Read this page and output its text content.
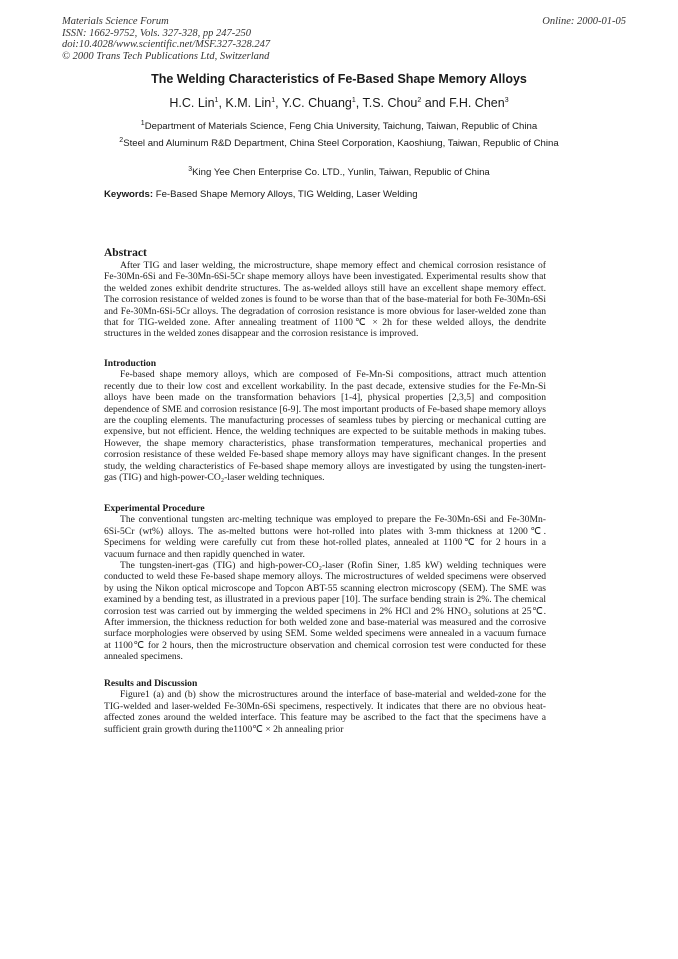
Materials Science Forum
ISSN: 1662-9752, Vols. 327-328, pp 247-250
doi:10.4028/www.scientific.net/MSF.327-328.247
© 2000 Trans Tech Publications Ltd, Switzerland
Online: 2000-01-05
The Welding Characteristics of Fe-Based Shape Memory Alloys
H.C. Lin$^1$, K.M. Lin$^1$, Y.C. Chuang$^1$, T.S. Chou$^2$ and F.H. Chen$^3$
$^1$Department of Materials Science, Feng Chia University, Taichung, Taiwan, Republic of China
$^2$Steel and Aluminum R&D Department, China Steel Corporation, Kaoshiung, Taiwan, Republic of China
$^3$King Yee Chen Enterprise Co. LTD., Yunlin, Taiwan, Republic of China
Keywords: Fe-Based Shape Memory Alloys, TIG Welding, Laser Welding
Abstract

After TIG and laser welding, the microstructure, shape memory effect and chemical corrosion resistance of Fe-30Mn-6Si and Fe-30Mn-6Si-5Cr shape memory alloys have been investigated. Experimental results show that the welded zones exhibit dendrite structures. The as-welded alloys still have an excellent shape memory effect. The corrosion resistance of welded zones is found to be worse than that of the base-material for both Fe-30Mn-6Si and Fe-30Mn-6Si-5Cr alloys. The degradation of corrosion resistance is more obvious for laser-welded zone than that for TIG-welded zone. After annealing treatment of 1100℃ × 2h for these welded alloys, the dendrite structures in the welded zones disappear and the corrosion resistance is improved.

Introduction

Fe-based shape memory alloys, which are composed of Fe-Mn-Si compositions, attract much attention recently due to their low cost and excellent workability. In the past decade, extensive studies for the Fe-Mn-Si alloys have been made on the transformation behaviors [1-4], physical properties [2,3,5] and composition dependence of SME and corrosion resistance [6-9]. The most important products of Fe-based shape memory alloys are the coupling elements. The manufacturing processes of seamless tubes by piercing or mechanical cutting are expensive, but not efficient. Hence, the welding techniques are expected to be suitable methods in making tubes. However, the shape memory characteristics, phase transformation temperatures, mechanical properties and corrosion resistance of these welded Fe-based shape memory alloys may have significant changes. In the present study, the welding characteristics of Fe-based shape memory alloys are investigated by using the tungsten-inert-gas (TIG) and high-power-CO₂-laser welding techniques.

Experimental Procedure

The conventional tungsten arc-melting technique was employed to prepare the Fe-30Mn-6Si and Fe-30Mn-6Si-5Cr (wt%) alloys. The as-melted buttons were hot-rolled into plates with 3-mm thickness at 1200℃. Specimens for welding were carefully cut from these hot-rolled plates, annealed at 1100℃ for 2 hours in a vacuum furnace and then rapidly quenched in water.

The tungsten-inert-gas (TIG) and high-power-CO₂-laser (Rofin Siner, 1.85 kW) welding techniques were conducted to weld these Fe-based shape memory alloys. The microstructures of welded specimens were observed by using the Nikon optical microscope and Topcon ABT-55 scanning electron microscopy (SEM). The SME was examined by a bending test, as illustrated in a previous paper [10]. The surface bending strain is 2%. The chemical corrosion test was carried out by immerging the welded specimens in 2% HCl and 2% HNO₃ solutions at 25℃. After immersion, the thickness reduction for both welded zone and base-material was measured and the corrosive surface morphologies were observed by using SEM. Some welded specimens were annealed in a vacuum furnace at 1100℃ for 2 hours, then the microstructure observation and chemical corrosion test were conducted for these annealed specimens.

Results and Discussion

Figure1 (a) and (b) show the microstructures around the interface of base-material and welded-zone for the TIG-welded and laser-welded Fe-30Mn-6Si specimens, respectively. It indicates that there are no obvious heat-affected zones around the welded interface. This feature may be ascribed to the fact that the specimens have a sufficient grain growth during the1100℃ × 2h annealing prior
